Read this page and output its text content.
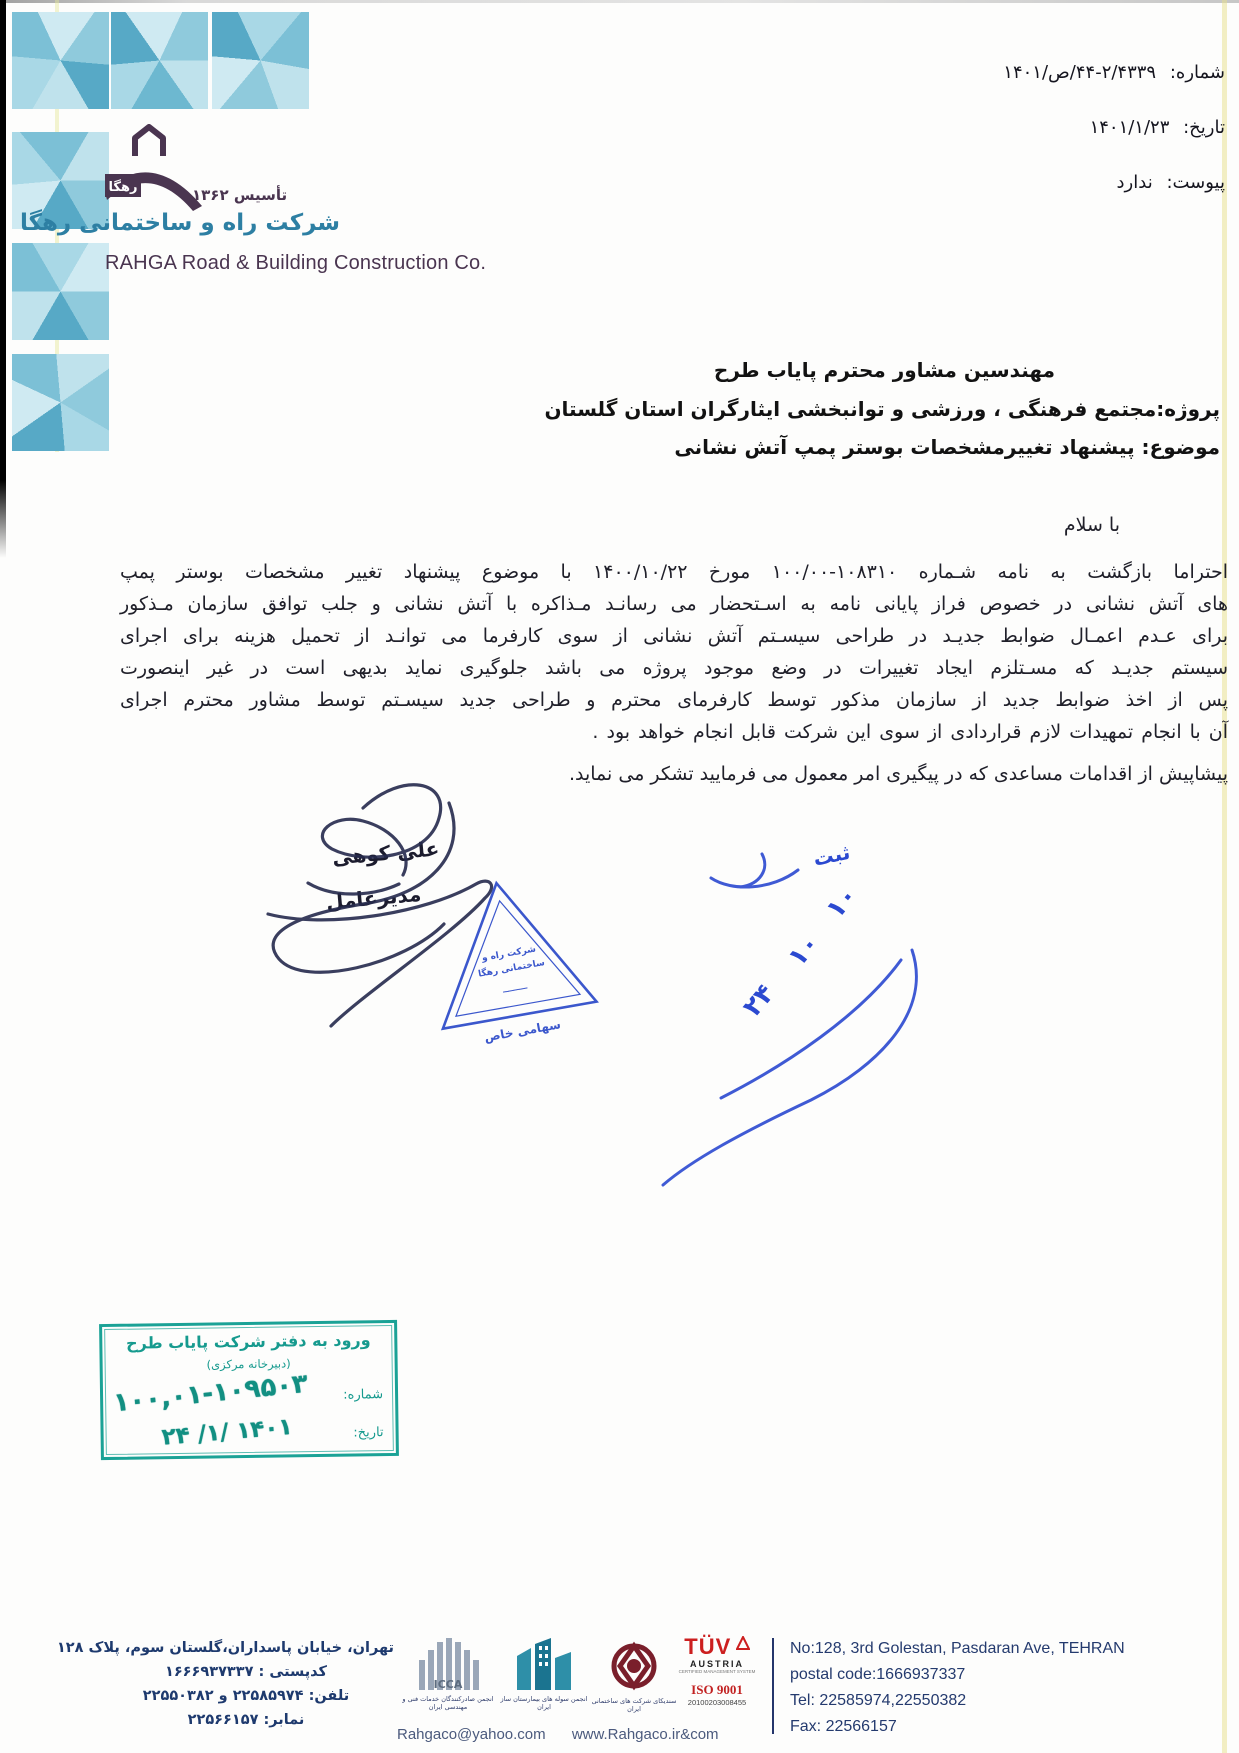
رهگا	تأسیس ۱۳۶۲
شرکت راه و ساختمانی رهگا
RAHGA Road & Building Construction Co.
شماره: ۲/۴۳۳۹-۴۴/ص/۱۴۰۱
تاریخ: ۱۴۰۱/۱/۲۳
پیوست: ندارد
مهندسین مشاور محترم پایاب طرح
پروژه:مجتمع فرهنگی ، ورزشی و توانبخشی ایثارگران استان گلستان
موضوع: پیشنهاد تغییرمشخصات بوستر پمپ آتش نشانی
با سلام
احتراما بازگشت به نامه شـماره ۱۰۸۳۱۰-۱۰۰/۰۰ مورخ ۱۴۰۰/۱۰/۲۲ با موضوع پیشنهاد تغییر مشخصات بوستر پمپ
های آتش نشانی در خصوص فراز پایانی نامه به اسـتحضار می رسانـد مـذاکره با آتش نشانی و جلب توافق سازمان مـذکور
برای عـدم اعمـال ضوابط جدیـد در طراحی سیسـتم آتش نشانی از سوی کارفرما می توانـد از تحمیل هزینه برای اجرای
سیستم جدیـد که مسـتلزم ایجاد تغییرات در وضع موجود پروژه می باشد جلوگیری نماید بدیهی است در غیر اینصورت
پس از اخذ ضوابط جدید از سازمان مذکور توسط کارفرمای محترم و طراحی جدید سیسـتم توسط مشاور محترم اجرای
آن با انجام تمهیدات لازم قراردادی از سوی این شرکت قابل انجام خواهد بود .
پیشاپیش از اقدامات مساعدی که در پیگیری امر معمول می فرمایید تشکر می نماید.
علی کوهی
مدیرعامل
شرکت راه و
ساختمانی رهگا
ـــــــــ
سهامی خاص
۱۰
۱۰
۲۴
ثبت
ورود به دفتر شرکت پایاب طرح
(دبیرخانه مرکزی)
شماره:
۱۰۰,۰۱-۱۰۹۵۰۳
تاریخ:
۲۴ /۱/ ۱۴۰۱
تهران، خیابان پاسداران،گلستان سوم، پلاک ۱۲۸
کدپستی : ۱۶۶۶۹۳۷۳۳۷
تلفن: ۲۲۵۸۵۹۷۴ و ۲۲۵۵۰۳۸۲
نمابر: ۲۲۵۶۶۱۵۷
ICCA
انجمن صادرکنندگان خدمات فنی و مهندسی ایران
انجمن سوله های بیمارستان ساز ایران
سندیکای شرکت های ساختمانی ایران
TÜV
AUSTRIA
CERTIFIED MANAGEMENT SYSTEM
ISO 9001
20100203008455
No:128, 3rd Golestan, Pasdaran Ave, TEHRAN
postal code:1666937337
Tel: 22585974,22550382
Fax: 22566157
Rahgaco@yahoo.com www.Rahgaco.ir&com
